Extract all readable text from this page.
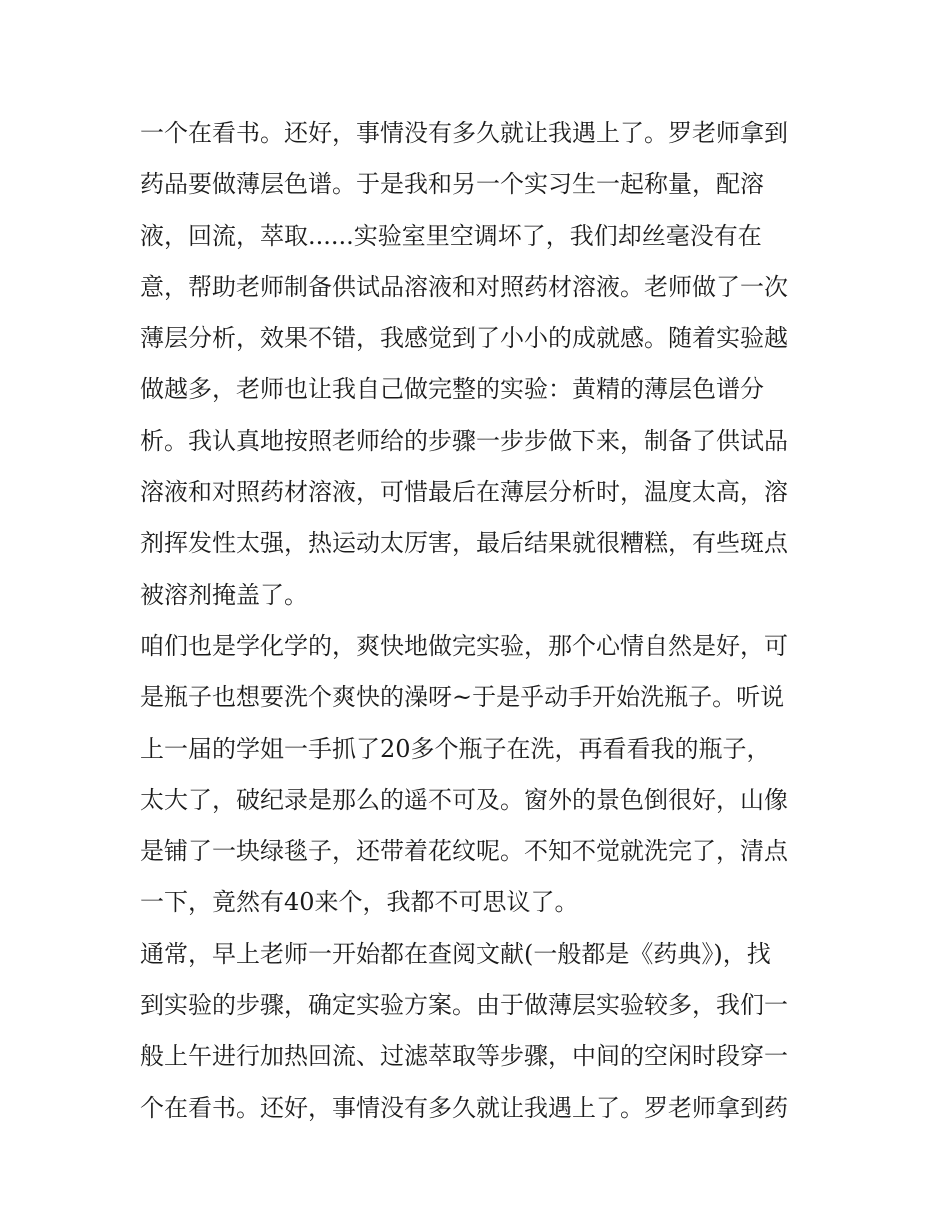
一个在看书。还好，事情没有多久就让我遇上了。罗老师拿到
药品要做薄层色谱。于是我和另一个实习生一起称量，配溶
液，回流，萃取......实验室里空调坏了，我们却丝毫没有在
意，帮助老师制备供试品溶液和对照药材溶液。老师做了一次
薄层分析，效果不错，我感觉到了小小的成就感。随着实验越
做越多，老师也让我自己做完整的实验：黄精的薄层色谱分
析。我认真地按照老师给的步骤一步步做下来，制备了供试品
溶液和对照药材溶液，可惜最后在薄层分析时，温度太高，溶
剂挥发性太强，热运动太厉害，最后结果就很糟糕，有些斑点
被溶剂掩盖了。
咱们也是学化学的，爽快地做完实验，那个心情自然是好，可
是瓶子也想要洗个爽快的澡呀~于是乎动手开始洗瓶子。听说
上一届的学姐一手抓了20多个瓶子在洗，再看看我的瓶子，
太大了，破纪录是那么的遥不可及。窗外的景色倒很好，山像
是铺了一块绿毯子，还带着花纹呢。不知不觉就洗完了，清点
一下，竟然有40来个，我都不可思议了。
通常，早上老师一开始都在查阅文献(一般都是《药典》)，找
到实验的步骤，确定实验方案。由于做薄层实验较多，我们一
般上午进行加热回流、过滤萃取等步骤，中间的空闲时段穿一
个在看书。还好，事情没有多久就让我遇上了。罗老师拿到药
